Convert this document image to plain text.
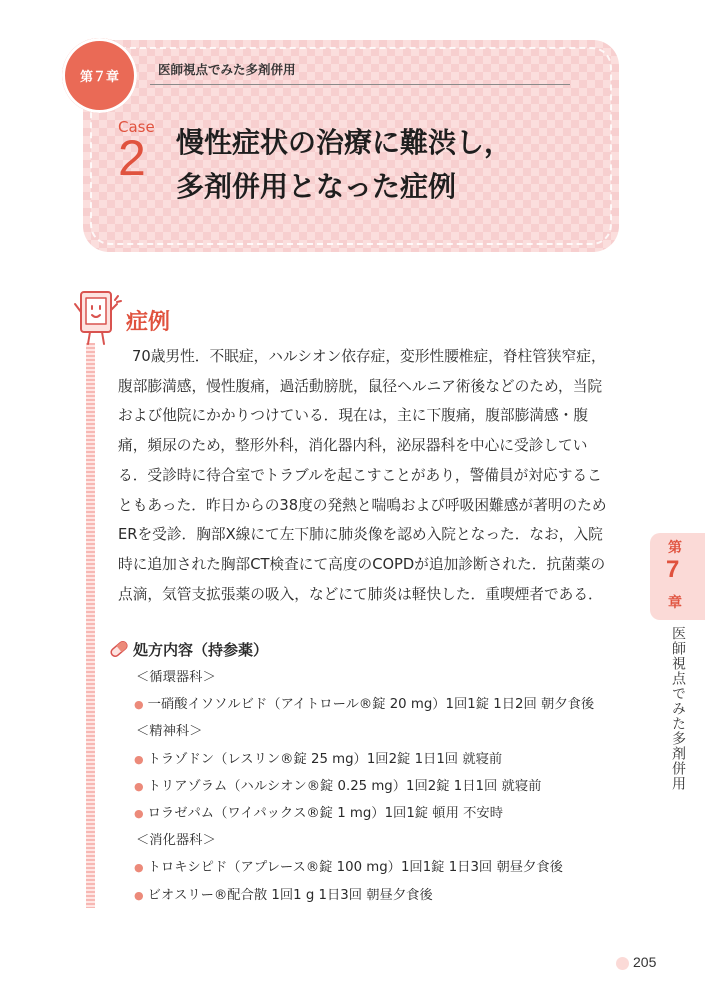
第７章
医師視点でみた多剤併用
Case
2 慢性症状の治療に難渋し，
多剤併用となった症例
症例

70歳男性．不眠症，ハルシオン依存症，変形性腰椎症，脊柱管狭窄症，腹部膨満感，慢性腹痛，過活動膀胱，鼠径ヘルニア術後などのため，当院および他院にかかりつけている．現在は，主に下腹痛，腹部膨満感・腹痛，頻尿のため，整形外科，消化器内科，泌尿器科を中心に受診している．受診時に待合室でトラブルを起こすことがあり，警備員が対応することもあった．昨日からの38度の発熱と喘鳴および呼吸困難感が著明のためERを受診．胸部X線にて左下肺に肺炎像を認め入院となった．なお，入院時に追加された胸部CT検査にて高度のCOPDが追加診断された．抗菌薬の点滴，気管支拡張薬の吸入，などにて肺炎は軽快した．重喫煙者である．

処方内容（持参薬）
＜循環器科＞
● 一硝酸イソソルビド（アイトロール®錠 20 mg）1回1錠 1日2回 朝夕食後
＜精神科＞
● トラゾドン（レスリン®錠 25 mg）1回2錠 1日1回 就寝前
● トリアゾラム（ハルシオン®錠 0.25 mg）1回2錠 1日1回 就寝前
● ロラゼパム（ワイパックス®錠 1 mg）1回1錠 頓用 不安時
＜消化器科＞
● トロキシピド（アプレース®錠 100 mg）1回1錠 1日3回 朝昼夕食後
● ビオスリー®配合散 1回1 g 1日3回 朝昼夕食後
第
7
章
医師視点でみた多剤併用
205
